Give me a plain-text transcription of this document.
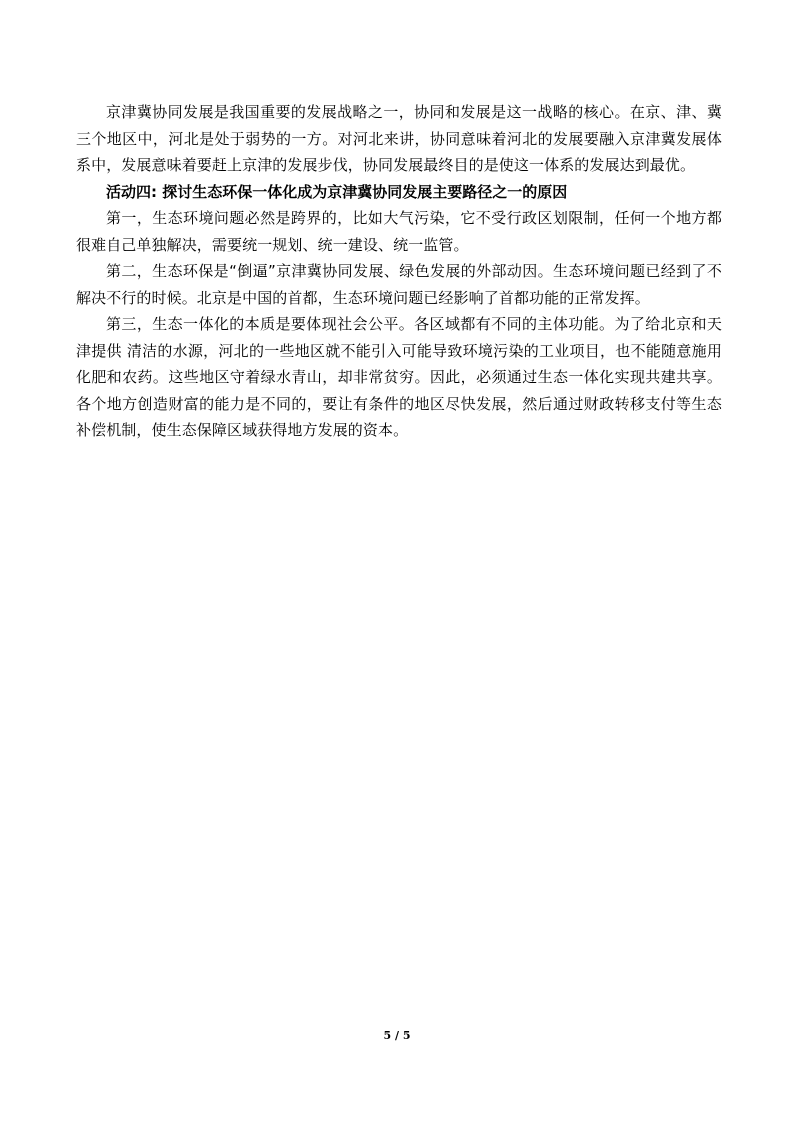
京津冀协同发展是我国重要的发展战略之一，协同和发展是这一战略的核心。在京、津、冀三个地区中，河北是处于弱势的一方。对河北来讲，协同意味着河北的发展要融入京津冀发展体系中，发展意味着要赶上京津的发展步伐，协同发展最终目的是使这一体系的发展达到最优。

活动四: 探讨生态环保一体化成为京津冀协同发展主要路径之一的原因

第一，生态环境问题必然是跨界的，比如大气污染，它不受行政区划限制，任何一个地方都很难自己单独解决，需要统一规划、统一建设、统一监管。

第二，生态环保是“倒逼”京津冀协同发展、绿色发展的外部动因。生态环境问题已经到了不解决不行的时候。北京是中国的首都，生态环境问题已经影响了首都功能的正常发挥。

第三，生态一体化的本质是要体现社会公平。各区域都有不同的主体功能。为了给北京和天津提供 清洁的水源，河北的一些地区就不能引入可能导致环境污染的工业项目，也不能随意施用化肥和农药。这些地区守着绿水青山，却非常贫穷。因此，必须通过生态一体化实现共建共享。各个地方创造财富的能力是不同的，要让有条件的地区尽快发展，然后通过财政转移支付等生态补偿机制，使生态保障区域获得地方发展的资本。

5 / 5
